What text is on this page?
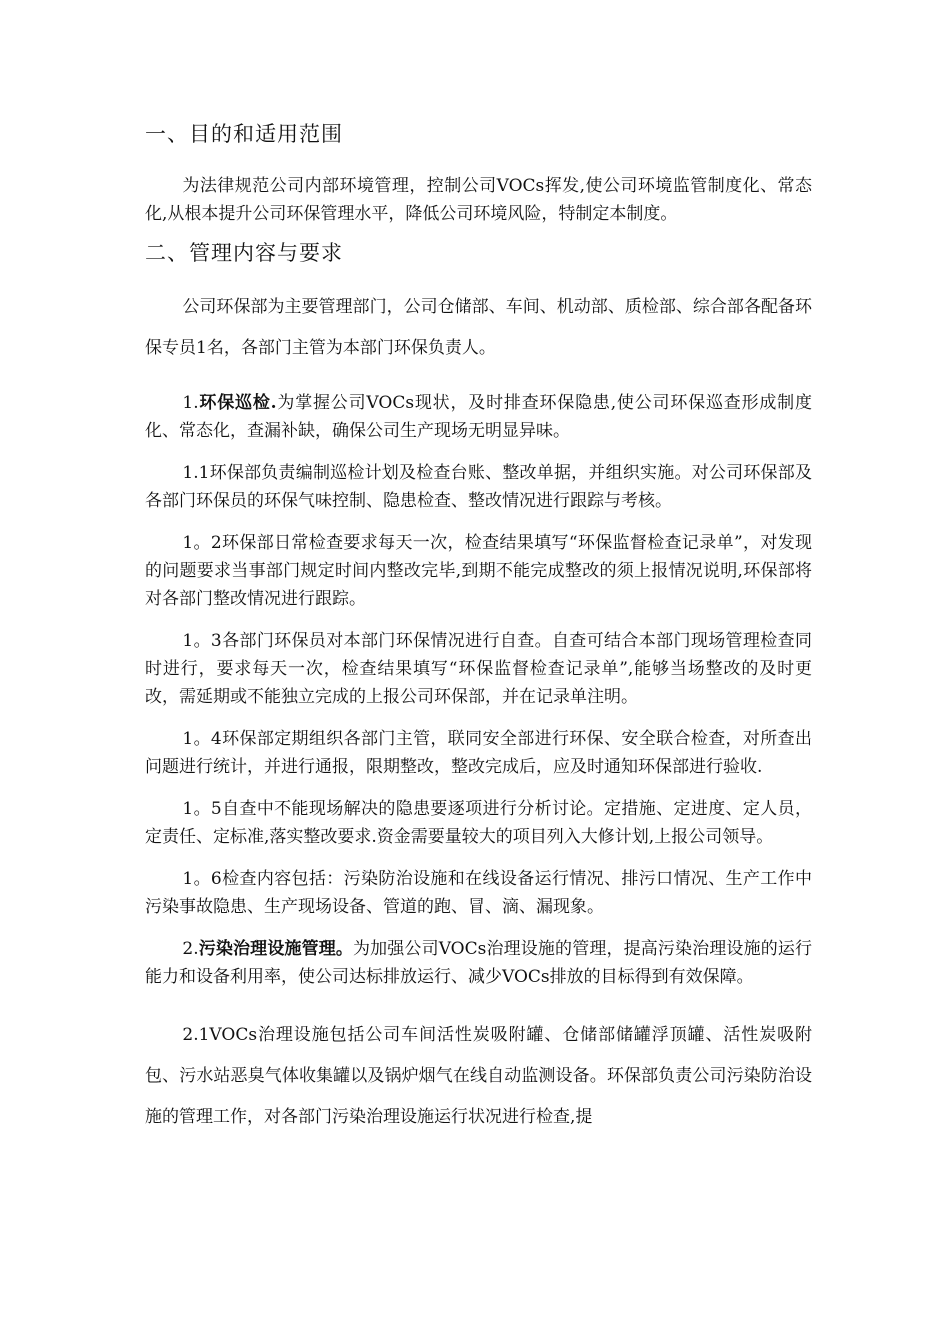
一、目的和适用范围

为法律规范公司内部环境管理，控制公司VOCs挥发,使公司环境监管制度化、常态化,从根本提升公司环保管理水平，降低公司环境风险，特制定本制度。

二、管理内容与要求

公司环保部为主要管理部门，公司仓储部、车间、机动部、质检部、综合部各配备环保专员1名，各部门主管为本部门环保负责人。

1.环保巡检.为掌握公司VOCs现状，及时排查环保隐患,使公司环保巡查形成制度化、常态化，查漏补缺，确保公司生产现场无明显异味。

1.1环保部负责编制巡检计划及检查台账、整改单据，并组织实施。对公司环保部及各部门环保员的环保气味控制、隐患检查、整改情况进行跟踪与考核。

1。2环保部日常检查要求每天一次，检查结果填写“环保监督检查记录单”，对发现的问题要求当事部门规定时间内整改完毕,到期不能完成整改的须上报情况说明,环保部将对各部门整改情况进行跟踪。

1。3各部门环保员对本部门环保情况进行自查。自查可结合本部门现场管理检查同时进行，要求每天一次，检查结果填写“环保监督检查记录单”,能够当场整改的及时更改，需延期或不能独立完成的上报公司环保部，并在记录单注明。

1。4环保部定期组织各部门主管，联同安全部进行环保、安全联合检查，对所查出问题进行统计，并进行通报，限期整改，整改完成后，应及时通知环保部进行验收.

1。5自查中不能现场解决的隐患要逐项进行分析讨论。定措施、定进度、定人员，定责任、定标准,落实整改要求.资金需要量较大的项目列入大修计划,上报公司领导。

1。6检查内容包括：污染防治设施和在线设备运行情况、排污口情况、生产工作中污染事故隐患、生产现场设备、管道的跑、冒、滴、漏现象。

2.污染治理设施管理。为加强公司VOCs治理设施的管理，提高污染治理设施的运行能力和设备利用率，使公司达标排放运行、减少VOCs排放的目标得到有效保障。

2.1VOCs治理设施包括公司车间活性炭吸附罐、仓储部储罐浮顶罐、活性炭吸附包、污水站恶臭气体收集罐以及锅炉烟气在线自动监测设备。环保部负责公司污染防治设施的管理工作，对各部门污染治理设施运行状况进行检查,提
